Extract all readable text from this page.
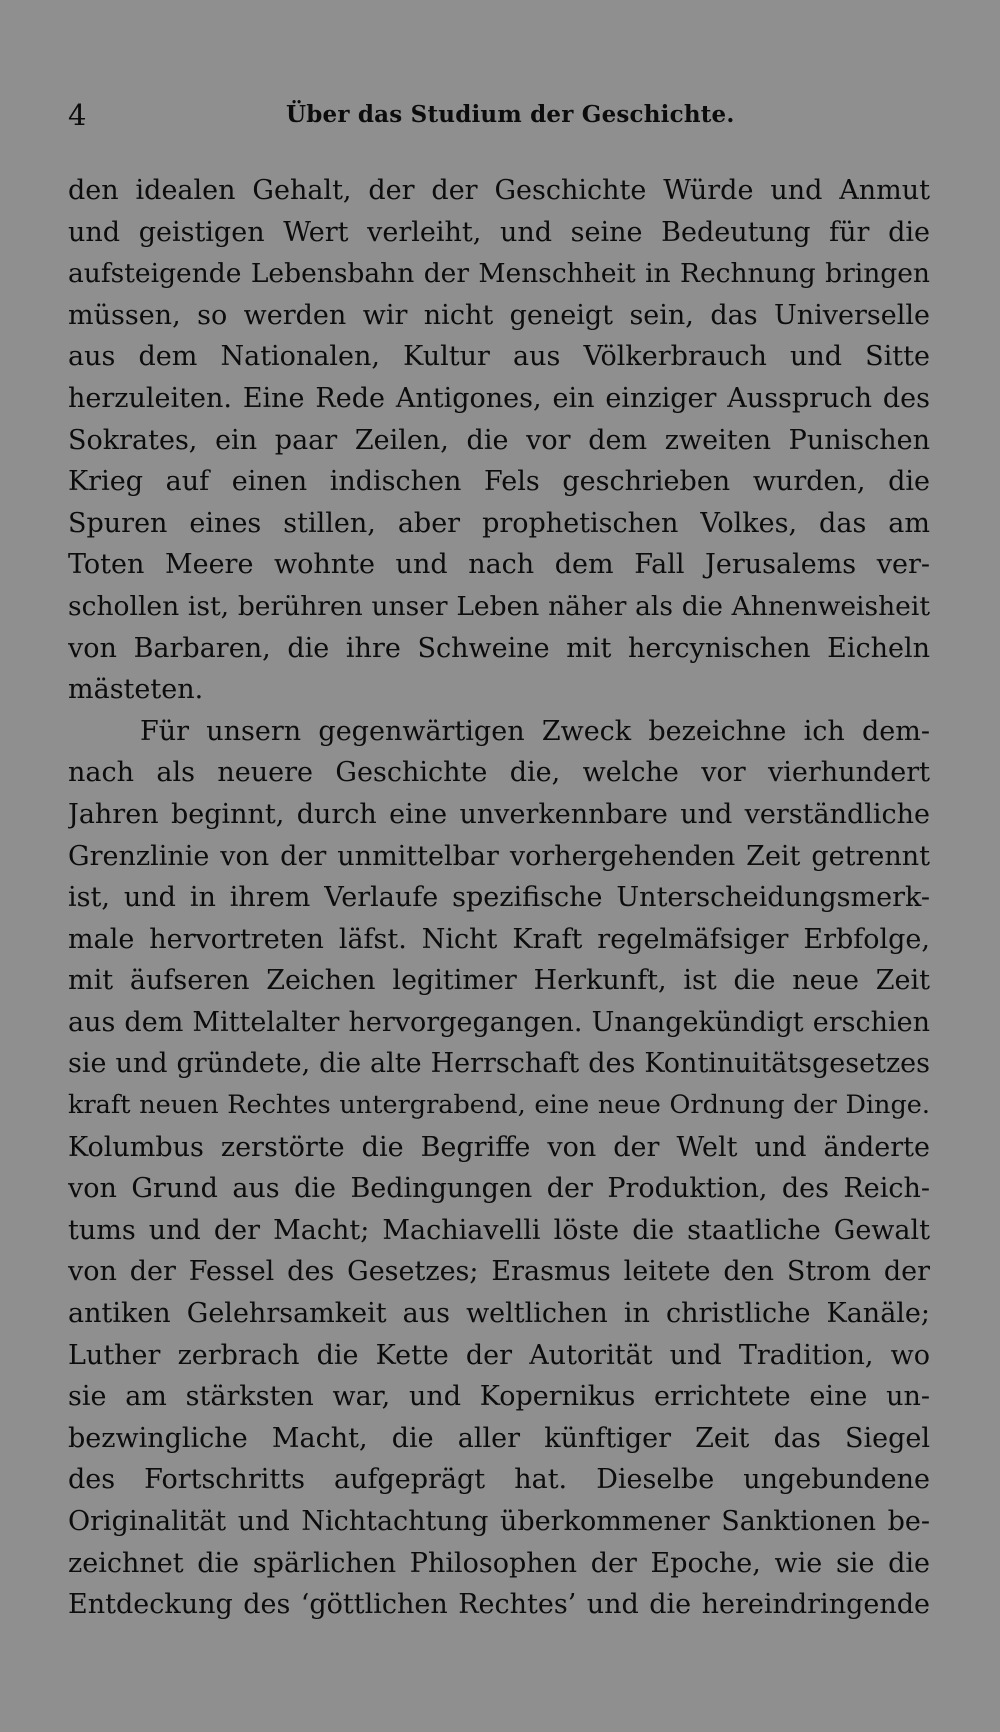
4	Über das Studium der Geschichte.
den idealen Gehalt, der der Geschichte Würde und Anmut
und geistigen Wert verleiht, und seine Bedeutung für die
aufsteigende Lebensbahn der Menschheit in Rechnung bringen
müssen, so werden wir nicht geneigt sein, das Universelle
aus dem Nationalen, Kultur aus Völkerbrauch und Sitte
herzuleiten. Eine Rede Antigones, ein einziger Ausspruch des
Sokrates, ein paar Zeilen, die vor dem zweiten Punischen
Krieg auf einen indischen Fels geschrieben wurden, die
Spuren eines stillen, aber prophetischen Volkes, das am
Toten Meere wohnte und nach dem Fall Jerusalems ver-
schollen ist, berühren unser Leben näher als die Ahnenweisheit
von Barbaren, die ihre Schweine mit hercynischen Eicheln
mästeten.
Für unsern gegenwärtigen Zweck bezeichne ich dem-
nach als neuere Geschichte die, welche vor vierhundert
Jahren beginnt, durch eine unverkennbare und verständliche
Grenzlinie von der unmittelbar vorhergehenden Zeit getrennt
ist, und in ihrem Verlaufe spezifische Unterscheidungsmerk-
male hervortreten läfst. Nicht Kraft regelmäfsiger Erbfolge,
mit äufseren Zeichen legitimer Herkunft, ist die neue Zeit
aus dem Mittelalter hervorgegangen. Unangekündigt erschien
sie und gründete, die alte Herrschaft des Kontinuitätsgesetzes
kraft neuen Rechtes untergrabend, eine neue Ordnung der Dinge.
Kolumbus zerstörte die Begriffe von der Welt und änderte
von Grund aus die Bedingungen der Produktion, des Reich-
tums und der Macht; Machiavelli löste die staatliche Gewalt
von der Fessel des Gesetzes; Erasmus leitete den Strom der
antiken Gelehrsamkeit aus weltlichen in christliche Kanäle;
Luther zerbrach die Kette der Autorität und Tradition, wo
sie am stärksten war, und Kopernikus errichtete eine un-
bezwingliche Macht, die aller künftiger Zeit das Siegel
des Fortschritts aufgeprägt hat. Dieselbe ungebundene
Originalität und Nichtachtung überkommener Sanktionen be-
zeichnet die spärlichen Philosophen der Epoche, wie sie die
Entdeckung des ‘göttlichen Rechtes’ und die hereindringende
